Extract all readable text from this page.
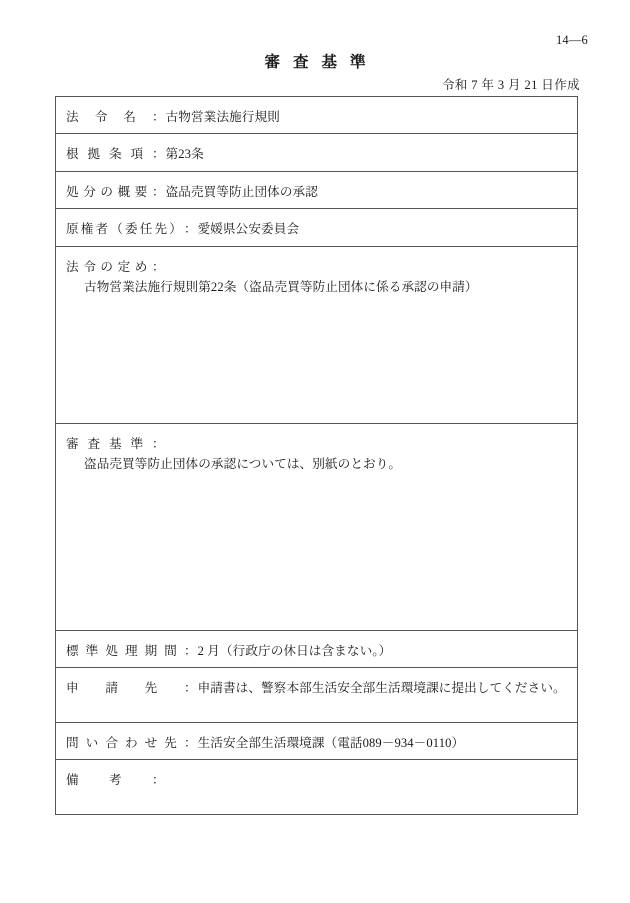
14—6
審査基準
令和 7 年 3 月 21 日作成
法 令 名 ： 古物営業法施行規則

根 拠 条 項 ： 第23条

処 分 の 概 要 ： 盗品売買等防止団体の承認

原 権 者 （ 委 任 先 ） ： 愛媛県公安委員会

法 令 の 定 め ：
古物営業法施行規則第22条（盗品売買等防止団体に係る承認の申請）

審 査 基 準 ：
盗品売買等防止団体の承認については、別紙のとおり。

標 準 処 理 期 間 ： 2 月（行政庁の休日は含まない。）

申 請 先 ： 申請書は、警察本部生活安全部生活環境課に提出してください。

問 い 合 わ せ 先 ： 生活安全部生活環境課（電話089－934－0110）

備 考 ：
